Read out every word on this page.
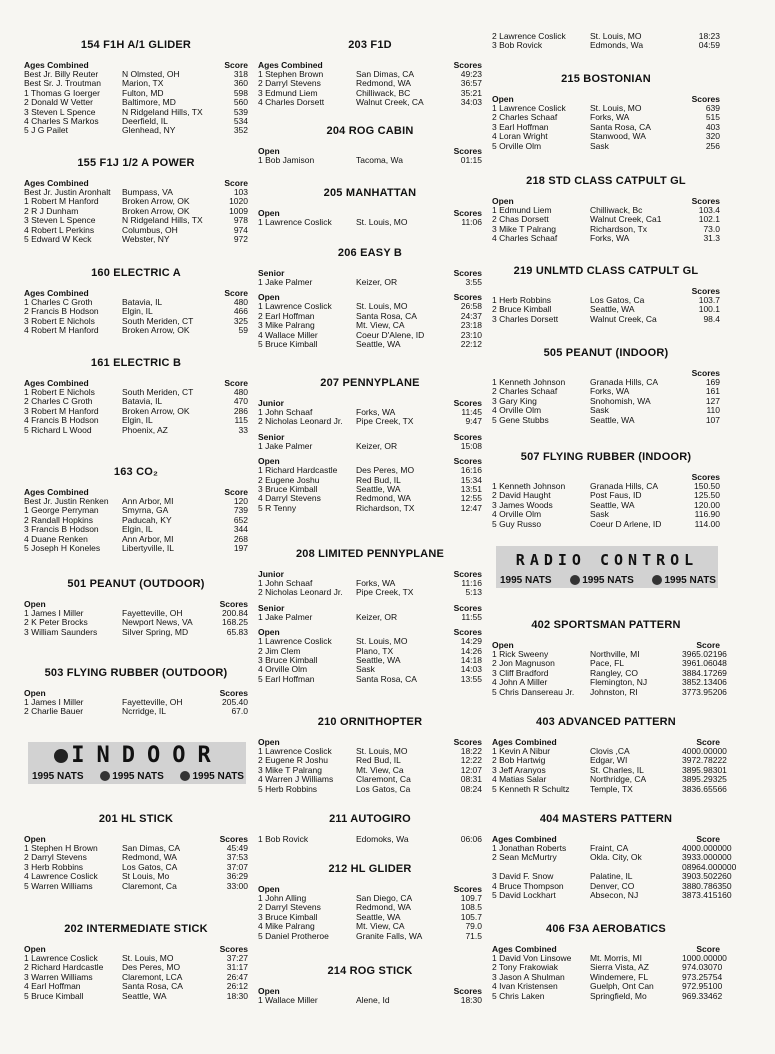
154 F1H A/1 GLIDER
Ages Combined	Score
Best Jr. Billy Reuter	N Olmsted, OH	318
Best Sr. J. Troutman	Marion, TX	360
1 Thomas G Ioerger	Fulton, MD	598
2 Donald W Vetter	Baltimore, MD	560
3 Steven L Spence	N Ridgeland Hills, TX	539
4 Charles S Markos	Deerfield, IL	534
5 J G Pailet	Glenhead, NY	352
155 F1J 1/2 A POWER
Ages Combined	Score
Best Jr. Justin Aronhalt	Bumpass, VA	103
1 Robert M Hanford	Broken Arrow, OK	1020
2 R J Dunham	Broken Arrow, OK	1009
3 Steven L Spence	N Ridgeland Hills, TX	978
4 Robert L Perkins	Columbus, OH	974
5 Edward W Keck	Webster, NY	972
160 ELECTRIC A
Ages Combined	Score
1 Charles C Groth	Batavia, IL	480
2 Francis B Hodson	Elgin, IL	466
3 Robert E Nichols	South Meriden, CT	325
4 Robert M Hanford	Broken Arrow, OK	59
161 ELECTRIC B
Ages Combined	Score
1 Robert E Nichols	South Meriden, CT	480
2 Charles C Groth	Batavia, IL	470
3 Robert M Hanford	Broken Arrow, OK	286
4 Francis B Hodson	Elgin, IL	115
5 Richard L Wood	Phoenix, AZ	33
163 CO₂
Ages Combined	Score
Best Jr. Justin Renken	Ann Arbor, MI	120
1 George Perryman	Smyrna, GA	739
2 Randall Hopkins	Paducah, KY	652
3 Francis B Hodson	Elgin, IL	344
4 Duane Renken	Ann Arbor, MI	268
5 Joseph H Koneles	Libertyville, IL	197
501 PEANUT (OUTDOOR)
Open	Scores
1 James I Miller	Fayetteville, OH	200.84
2 K Peter Brocks	Newport News, VA	168.25
3 William Saunders	Silver Spring, MD	65.83
503 FLYING RUBBER (OUTDOOR)
Open	Scores
1 James I Miller	Fayetteville, OH	205.40
2 Charlie Bauer	Ncrridge, IL	67.0
201 HL STICK
Open	Scores
1 Stephen H Brown	San Dimas, CA	45:49
2 Darryl Stevens	Redmond, WA	37:53
3 Herb Robbins	Los Gatos, CA	37:07
4 Lawrence Coslick	St Louis, Mo	36:29
5 Warren Williams	Claremont, Ca	33:00
202 INTERMEDIATE STICK
Open	Scores
1 Lawrence Coslick	St. Louis, MO	37:27
2 Richard Hardcastle	Des Peres, MO	31:17
3 Warren Williams	Claremont, LCA	26:47
4 Earl Hoffman	Santa Rosa, CA	26:12
5 Bruce Kimball	Seattle, WA	18:30
203 F1D
Ages Combined	Scores
1 Stephen Brown	San Dimas, CA	49:23
2 Darryl Stevens	Redmond, WA	36:57
3 Edmund Liem	Chilliwack, BC	35:21
4 Charles Dorsett	Walnut Creek, CA	34:03
204 ROG CABIN
Open	Scores
1 Bob Jamison	Tacoma, Wa	01:15
205 MANHATTAN
Open	Scores
1 Lawrence Coslick	St. Louis, MO	11:06
206 EASY B
Senior	Scores
1 Jake Palmer	Keizer, OR	3:55
Open	Scores
1 Lawrence Coslick	St. Louis, MO	26:58
2 Earl Hoffman	Santa Rosa, CA	24:37
3 Mike Palrang	Mt. View, CA	23:18
4 Wallace Miller	Coeur D'Alene, ID	23:10
5 Bruce Kimball	Seattle, WA	22:12
207 PENNYPLANE
Junior	Scores
1 John Schaaf	Forks, WA	11:45
2 Nicholas Leonard Jr.	Pipe Creek, TX	9:47
Senior	Scores
1 Jake Palmer	Keizer, OR	15:08
Open	Scores
1 Richard Hardcastle	Des Peres, MO	16:16
2 Eugene Joshu	Red Bud, IL	15:34
3 Bruce Kimball	Seattle, WA	13:51
4 Darryl Stevens	Redmond, WA	12:55
5 R Tenny	Richardson, TX	12:47
208 LIMITED PENNYPLANE
Junior	Scores
1 John Schaaf	Forks, WA	11:16
2 Nicholas Leonard Jr.	Pipe Creek, TX	5:13
Senior	Scores
1 Jake Palmer	Keizer, OR	11:55
Open	Scores
1 Lawrence Coslick	St. Louis, MO	14:29
2 Jim Clem	Plano, TX	14:26
3 Bruce Kimball	Seattle, WA	14:18
4 Orville Olm	Sask	14:03
5 Earl Hoffman	Santa Rosa, CA	13:55
210 ORNITHOPTER
Open	Scores
1 Lawrence Coslick	St. Louis, MO	18:22
2 Eugene R Joshu	Red Bud, IL	12:22
3 Mike T Palrang	Mt. View, Ca	12:07
4 Warren J Williams	Claremont, Ca	08:31
5 Herb Robbins	Los Gatos, Ca	08:24
211 AUTOGIRO
1 Bob Rovick	Edomoks, Wa	06:06
212 HL GLIDER
Open	Scores
1 John Alling	San Diego, CA	109.7
2 Darryl Stevens	Redmond, WA	108.5
3 Bruce Kimball	Seattle, WA	105.7
4 Mike Palrang	Mt. View, CA	79.0
5 Daniel Protheroe	Granite Falls, WA	71.5
214 ROG STICK
Open	Scores
1 Wallace Miller	Alene, Id	18:30
2 Lawrence Coslick	St. Louis, MO	18:23
3 Bob Rovick	Edmonds, Wa	04:59
215 BOSTONIAN
Open	Scores
1 Lawrence Coslick	St. Louis, MO	639
2 Charles Schaaf	Forks, WA	515
3 Earl Hoffman	Santa Rosa, CA	403
4 Loran Wright	Stanwood, WA	320
5 Orville Olm	Sask	256
218 STD CLASS CATPULT GL
Open	Scores
1 Edmund Liem	Chilliwack, Bc	103.4
2 Chas Dorsett	Walnut Creek, Ca1	102.1
3 Mike T Palrang	Richardson, Tx	73.0
4 Charles Schaaf	Forks, WA	31.3
219 UNLMTD CLASS CATPULT GL
Scores
1 Herb Robbins	Los Gatos, Ca	103.7
2 Bruce Kimball	Seattle, WA	100.1
3 Charles Dorsett	Walnut Creek, Ca	98.4
505 PEANUT (INDOOR)
Scores
1 Kenneth Johnson	Granada Hills, CA	169
2 Charles Schaaf	Forks, WA	161
3 Gary King	Snohomish, WA	127
4 Orville Olm	Sask	110
5 Gene Stubbs	Seattle, WA	107
507 FLYING RUBBER (INDOOR)
Scores
1 Kenneth Johnson	Granada Hills, CA	150.50
2 David Haught	Post Faus, ID	125.50
3 James Woods	Seattle, WA	120.00
4 Orville Olm	Sask	116.90
5 Guy Russo	Coeur D Arlene, ID	114.00
402 SPORTSMAN PATTERN
Open	Score
1 Rick Sweeny	Northville, MI	3965.02196
2 Jon Magnuson	Pace, FL	3961.06048
3 Cliff Bradford	Rangley, CO	3884.17269
4 John A Miller	Flemington, NJ	3852.13406
5 Chris Dansereau Jr.	Johnston, RI	3773.95206
403 ADVANCED PATTERN
Ages Combined	Score
1 Kevin A Nibur	Clovis ,CA	4000.00000
2 Bob Hartwig	Edgar, WI	3972.78222
3 Jeff Aranyos	St. Charles, IL	3895.98301
4 Matias Salar	Northridge, CA	3895.29325
5 Kenneth R Schultz	Temple, TX	3836.65566
404 MASTERS PATTERN
Ages Combined	Score
1 Jonathan Roberts	Fraint, CA	4000.000000
2 Sean McMurtry	Okla. City, Ok	3933.000000
08964.000000
3 David F. Snow	Palatine, IL	3903.502260
4 Bruce Thompson	Denver, CO	3880.786350
5 David Lockhart	Absecon, NJ	3873.415160
406 F3A AEROBATICS
Ages Combined	Score
1 David Von Linsowe	Mt. Morris, MI	1000.00000
2 Tony Frakowiak	Sierra Vista, AZ	974.03070
3 Jason A Shulman	Windemere, FL	973.25754
4 Ivan Kristensen	Guelph, Ont Can	972.95100
5 Chris Laken	Springfield, Mo	969.33462
INDOOR
1995 NATS	1995 NATS	1995 NATS
RADIO CONTROL
1995 NATS	1995 NATS	1995 NATS
